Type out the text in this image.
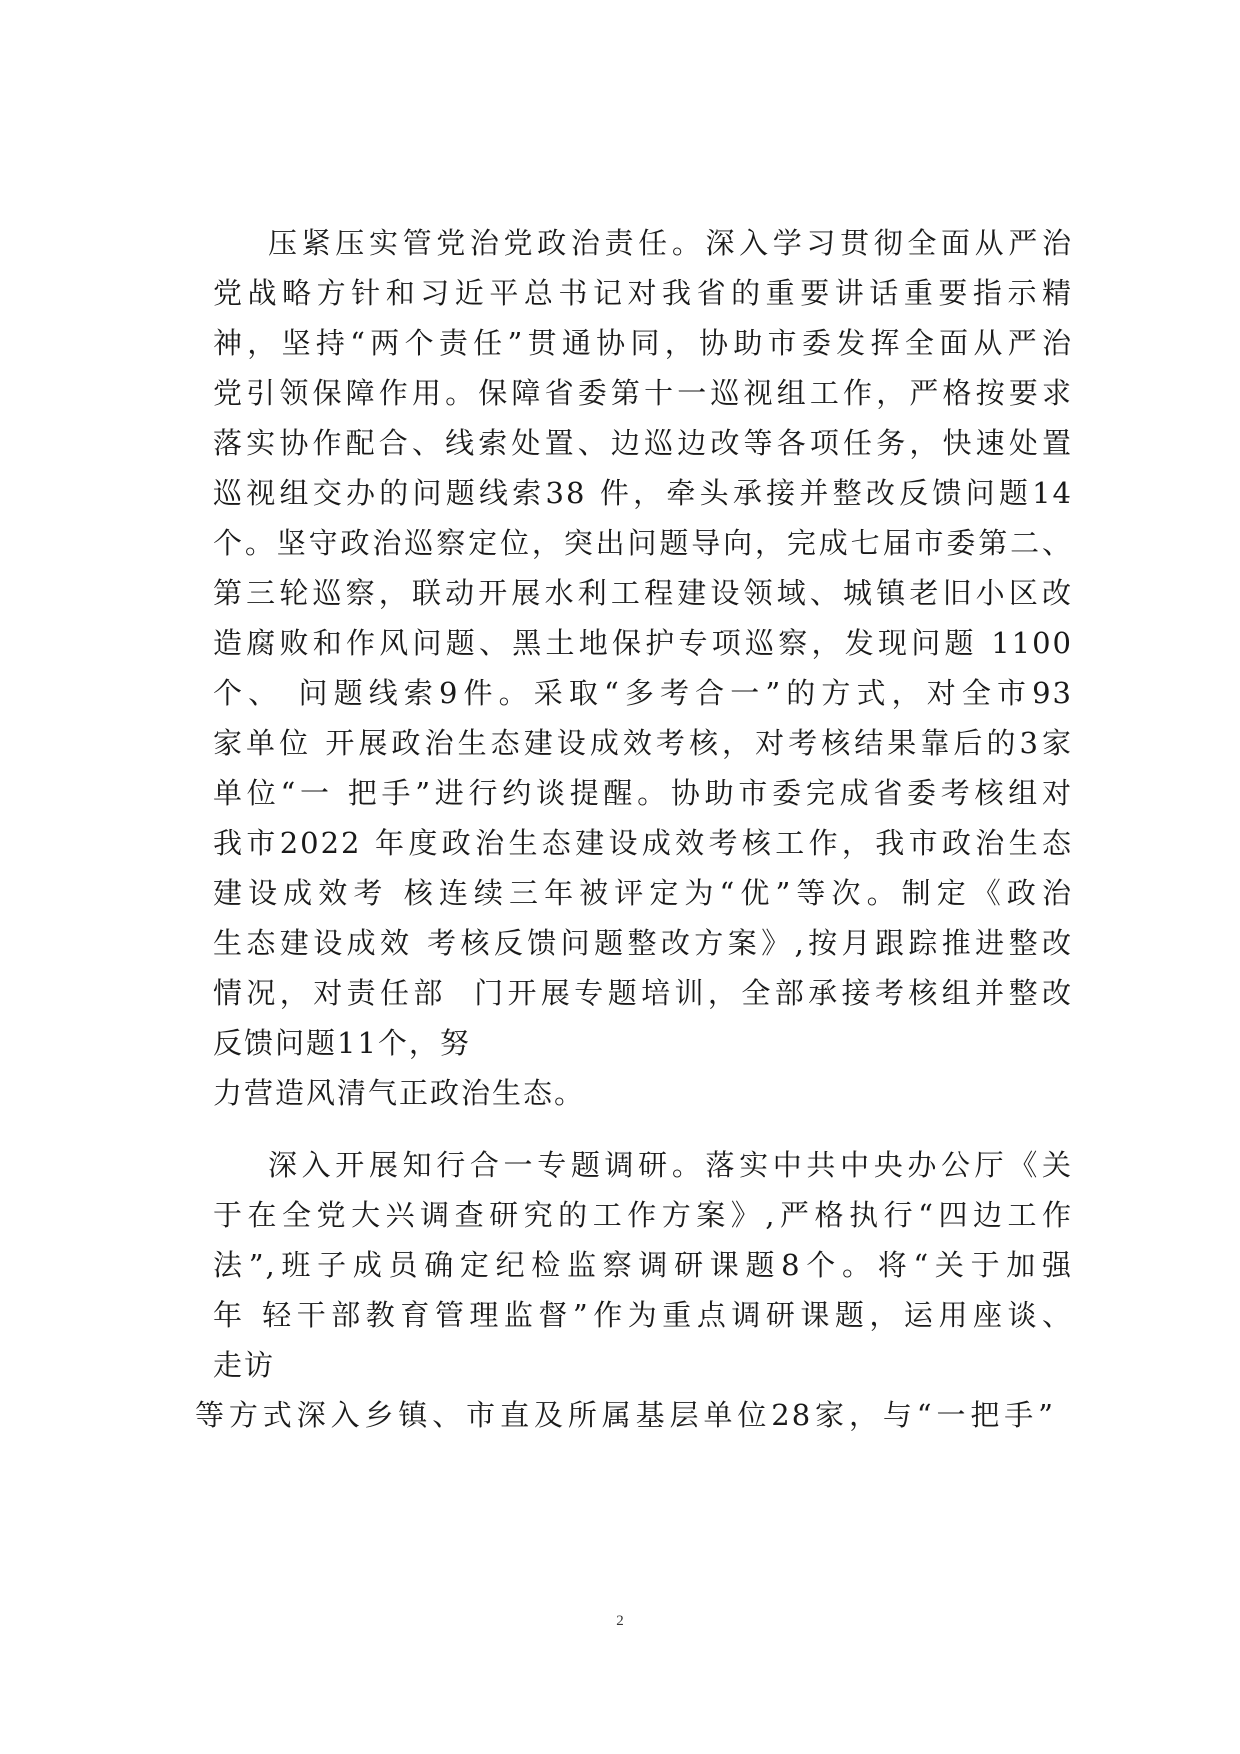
压紧压实管党治党政治责任。深入学习贯彻全面从严治
党战略方针和习近平总书记对我省的重要讲话重要指示精
神，坚持“两个责任”贯通协同，协助市委发挥全面从严治
党引领保障作用。保障省委第十一巡视组工作，严格按要求
落实协作配合、线索处置、边巡边改等各项任务，快速处置
巡视组交办的问题线索38 件，牵头承接并整改反馈问题14
个。坚守政治巡察定位，突出问题导向，完成七届市委第二、
第三轮巡察，联动开展水利工程建设领域、城镇老旧小区改
造腐败和作风问题、黑土地保护专项巡察，发现问题 1100
个、 问题线索9件。采取“多考合一”的方式，对全市93
家单位 开展政治生态建设成效考核，对考核结果靠后的3家
单位“一 把手”进行约谈提醒。协助市委完成省委考核组对
我市2022 年度政治生态建设成效考核工作，我市政治生态
建设成效考 核连续三年被评定为“优”等次。制定《政治
生态建设成效 考核反馈问题整改方案》,按月跟踪推进整改
情况，对责任部  门开展专题培训，全部承接考核组并整改
反馈问题11个，努
力营造风清气正政治生态。
深入开展知行合一专题调研。落实中共中央办公厅《关
于在全党大兴调查研究的工作方案》,严格执行“四边工作
法”,班子成员确定纪检监察调研课题8个。将“关于加强
年 轻干部教育管理监督”作为重点调研课题，运用座谈、
走访
等方式深入乡镇、市直及所属基层单位28家，与“一把手”
2
